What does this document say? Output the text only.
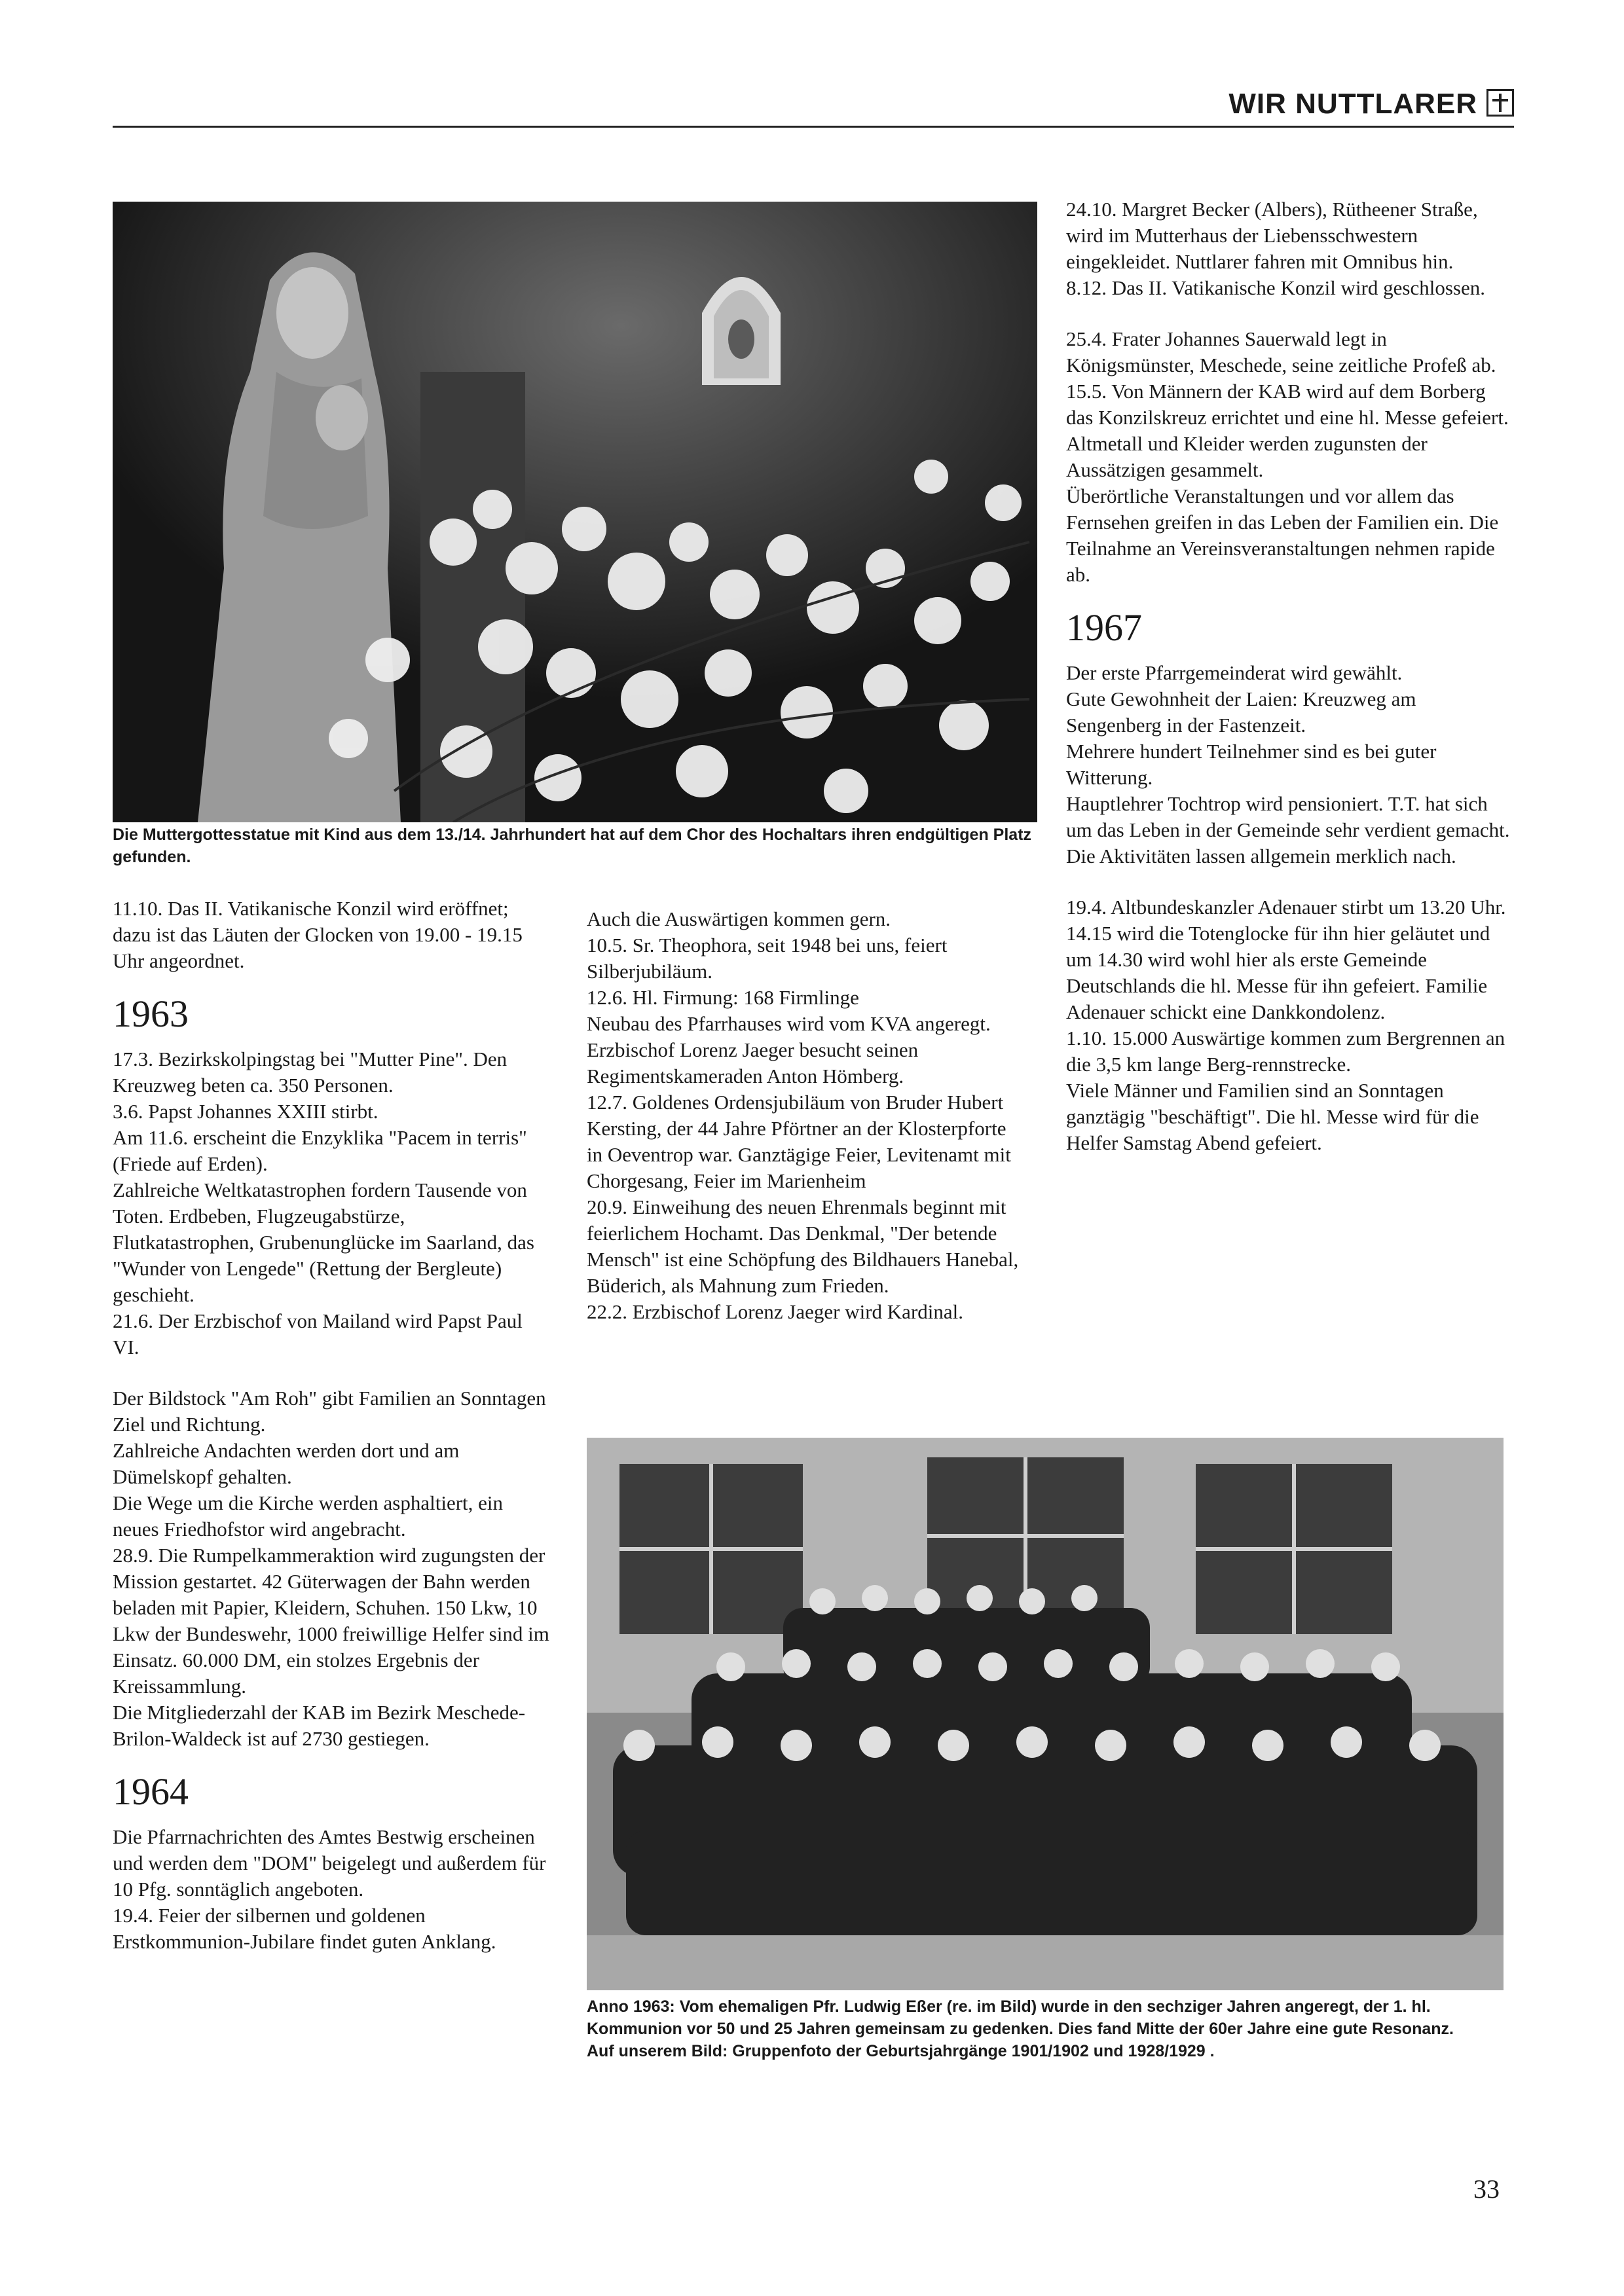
WIR NUTTLARER
Die Muttergottesstatue mit Kind aus dem 13./14. Jahrhundert hat auf dem Chor des Hochaltars ihren endgültigen Platz gefunden.

11.10. Das II. Vatikanische Konzil wird eröffnet; dazu ist das Läuten der Glocken von 19.00 - 19.15 Uhr angeordnet.

1963

17.3. Bezirkskolpingstag bei "Mutter Pine". Den Kreuzweg beten ca. 350 Personen.
3.6. Papst Johannes XXIII stirbt.
Am 11.6. erscheint die Enzyklika "Pacem in terris" (Friede auf Erden).
Zahlreiche Weltkatastrophen fordern Tausende von Toten. Erdbeben, Flugzeugabstürze, Flutkatastrophen, Grubenunglücke im Saarland, das "Wunder von Lengede" (Rettung der Bergleute) geschieht.
21.6. Der Erzbischof von Mailand wird Papst Paul VI.

Der Bildstock "Am Roh" gibt Familien an Sonntagen Ziel und Richtung.
Zahlreiche Andachten werden dort und am Dümelskopf gehalten.
Die Wege um die Kirche werden asphaltiert, ein neues Friedhofstor wird angebracht.
28.9. Die Rumpelkammeraktion wird zugungsten der Mission gestartet. 42 Güterwagen der Bahn werden beladen mit Papier, Kleidern, Schuhen. 150 Lkw, 10 Lkw der Bundeswehr, 1000 freiwillige Helfer sind im Einsatz. 60.000 DM, ein stolzes Ergebnis der Kreissammlung.
Die Mitgliederzahl der KAB im Bezirk Meschede-Brilon-Waldeck ist auf 2730 gestiegen.

1964

Die Pfarrnachrichten des Amtes Bestwig erscheinen und werden dem "DOM" beigelegt und außerdem für 10 Pfg. sonntäglich angeboten.
19.4. Feier der silbernen und goldenen Erstkommunion-Jubilare findet guten Anklang.

Auch die Auswärtigen kommen gern.
10.5. Sr. Theophora, seit 1948 bei uns, feiert Silberjubiläum.
12.6. Hl. Firmung: 168 Firmlinge
Neubau des Pfarrhauses wird vom KVA angeregt. Erzbischof Lorenz Jaeger besucht seinen Regimentskameraden Anton Hömberg.
12.7. Goldenes Ordensjubiläum von Bruder Hubert Kersting, der 44 Jahre Pförtner an der Klosterpforte in Oeventrop war. Ganztägige Feier, Levitenamt mit Chorgesang, Feier im Marienheim
20.9. Einweihung des neuen Ehrenmals beginnt mit feierlichem Hochamt. Das Denkmal, "Der betende Mensch" ist eine Schöpfung des Bildhauers Hanebal, Büderich, als Mahnung zum Frieden.
22.2. Erzbischof Lorenz Jaeger wird Kardinal.

24.10. Margret Becker (Albers), Rütheener Straße, wird im Mutterhaus der Liebensschwestern eingekleidet. Nuttlarer fahren mit Omnibus hin.
8.12. Das II. Vatikanische Konzil wird geschlossen.

25.4. Frater Johannes Sauerwald legt in Königsmünster, Meschede, seine zeitliche Profeß ab.
15.5. Von Männern der KAB wird auf dem Borberg das Konzilskreuz errichtet und eine hl. Messe gefeiert.
Altmetall und Kleider werden zugunsten der Aussätzigen gesammelt.
Überörtliche Veranstaltungen und vor allem das Fernsehen greifen in das Leben der Familien ein. Die Teilnahme an Vereinsveranstaltungen nehmen rapide ab.

1967

Der erste Pfarrgemeinderat wird gewählt.
Gute Gewohnheit der Laien: Kreuzweg am Sengenberg in der Fastenzeit.
Mehrere hundert Teilnehmer sind es bei guter Witterung.
Hauptlehrer Tochtrop wird pensioniert. T.T. hat sich um das Leben in der Gemeinde sehr verdient gemacht.
Die Aktivitäten lassen allgemein merklich nach.

19.4. Altbundeskanzler Adenauer stirbt um 13.20 Uhr. 14.15 wird die Totenglocke für ihn hier geläutet und um 14.30 wird wohl hier als erste Gemeinde Deutschlands die hl. Messe für ihn gefeiert. Familie Adenauer schickt eine Dankkondolenz.
1.10. 15.000 Auswärtige kommen zum Bergrennen an die 3,5 km lange Berg-rennstrecke.
Viele Männer und Familien sind an Sonntagen ganztägig "beschäftigt". Die hl. Messe wird für die Helfer Samstag Abend gefeiert.

Anno 1963: Vom ehemaligen Pfr. Ludwig Eßer (re. im Bild) wurde in den sechziger Jahren angeregt, der 1. hl. Kommunion vor 50 und 25 Jahren gemeinsam zu gedenken. Dies fand Mitte der 60er Jahre eine gute Resonanz.
Auf unserem Bild: Gruppenfoto der Geburtsjahrgänge 1901/1902 und 1928/1929 .
33
